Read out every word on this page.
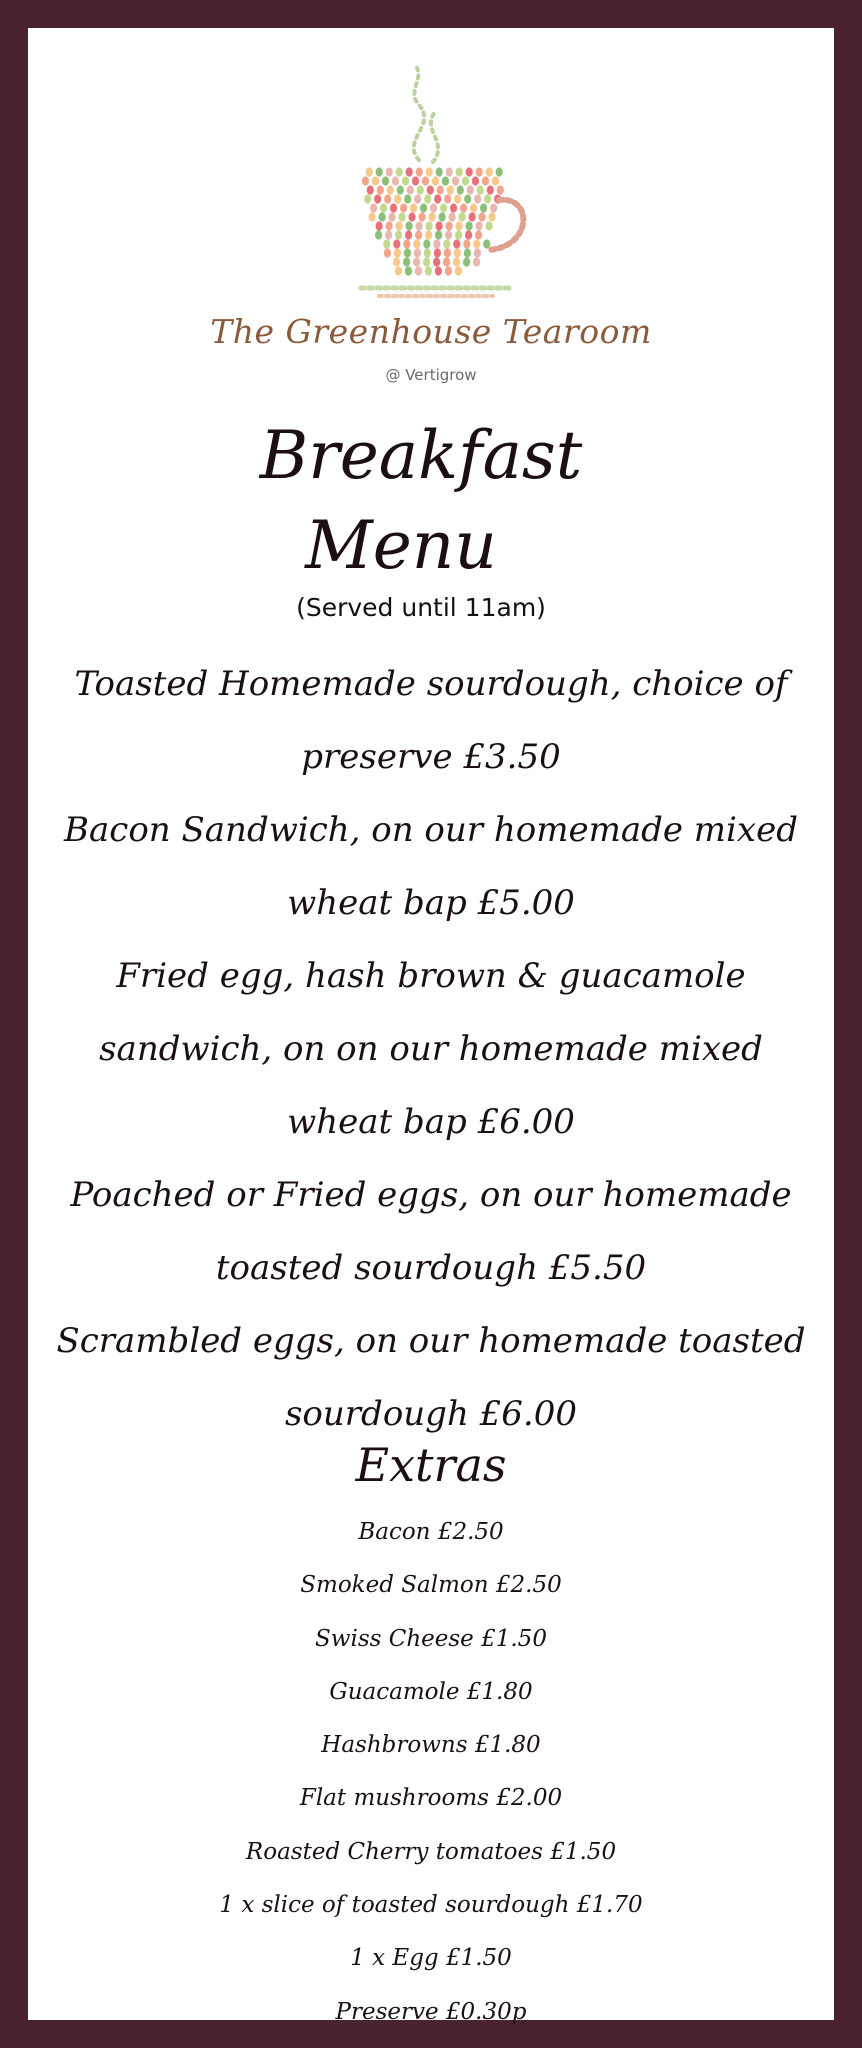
The Greenhouse Tearoom
@ Vertigrow
Breakfast
Menu
(Served until 11am)
Toasted Homemade sourdough, choice of preserve £3.50
Bacon Sandwich, on our homemade mixed wheat bap £5.00
Fried egg, hash brown & guacamole sandwich, on on our homemade mixed wheat bap £6.00
Poached or Fried eggs, on our homemade toasted sourdough £5.50
Scrambled eggs, on our homemade toasted sourdough £6.00
Extras
Bacon £2.50
Smoked Salmon £2.50
Swiss Cheese £1.50
Guacamole £1.80
Hashbrowns £1.80
Flat mushrooms £2.00
Roasted Cherry tomatoes £1.50
1 x slice of toasted sourdough £1.70
1 x Egg £1.50
Preserve £0.30p
